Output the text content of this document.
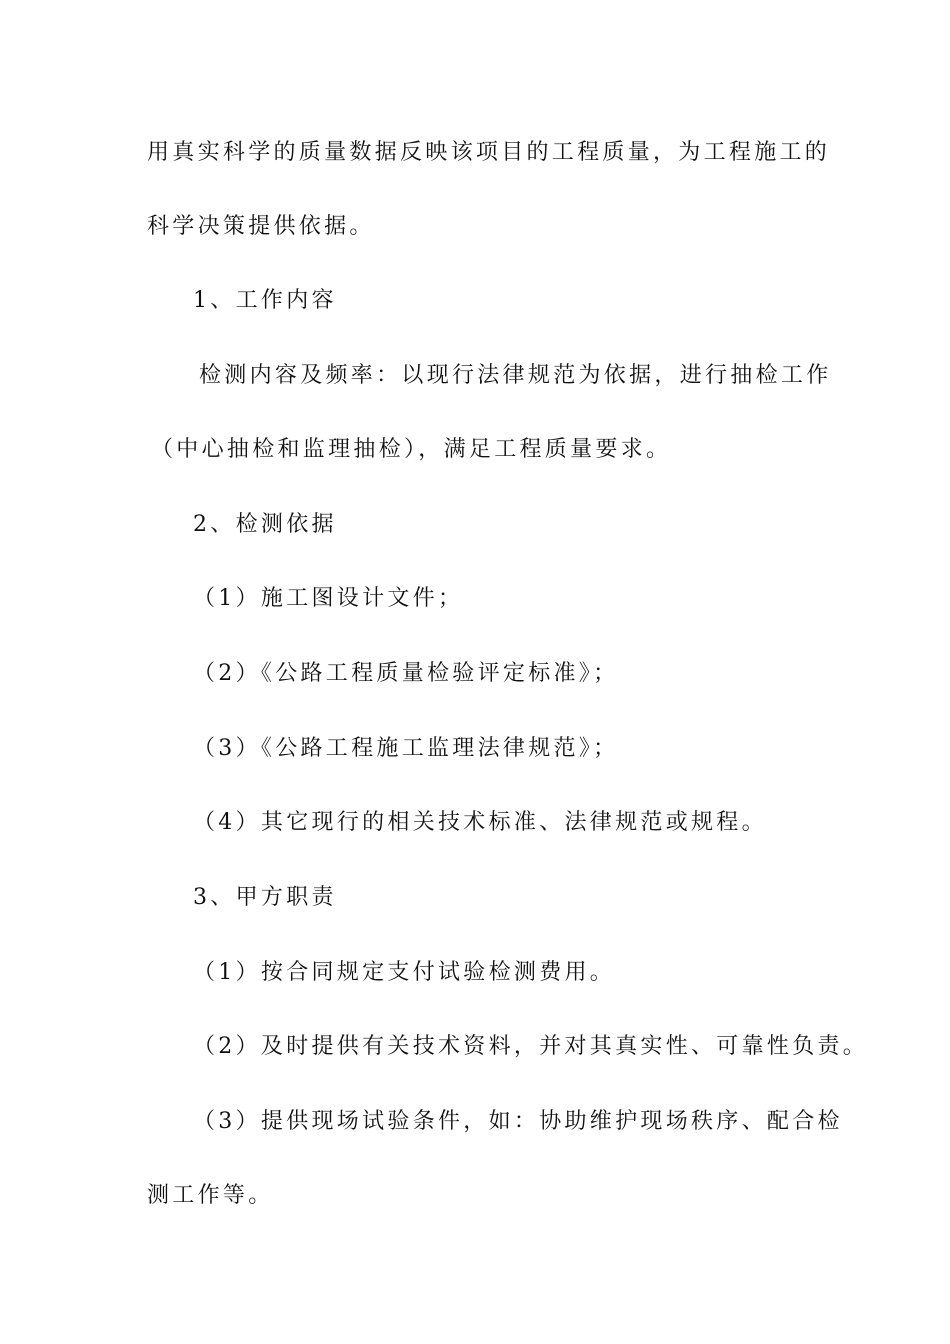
用真实科学的质量数据反映该项目的工程质量，为工程施工的
科学决策提供依据。
1、工作内容
检测内容及频率：以现行法律规范为依据，进行抽检工作
（中心抽检和监理抽检），满足工程质量要求。
2、检测依据
（1）施工图设计文件；
（2）《公路工程质量检验评定标准》；
（3）《公路工程施工监理法律规范》；
（4）其它现行的相关技术标准、法律规范或规程。
3、甲方职责
（1）按合同规定支付试验检测费用。
（2）及时提供有关技术资料，并对其真实性、可靠性负责。
（3）提供现场试验条件，如：协助维护现场秩序、配合检
测工作等。
